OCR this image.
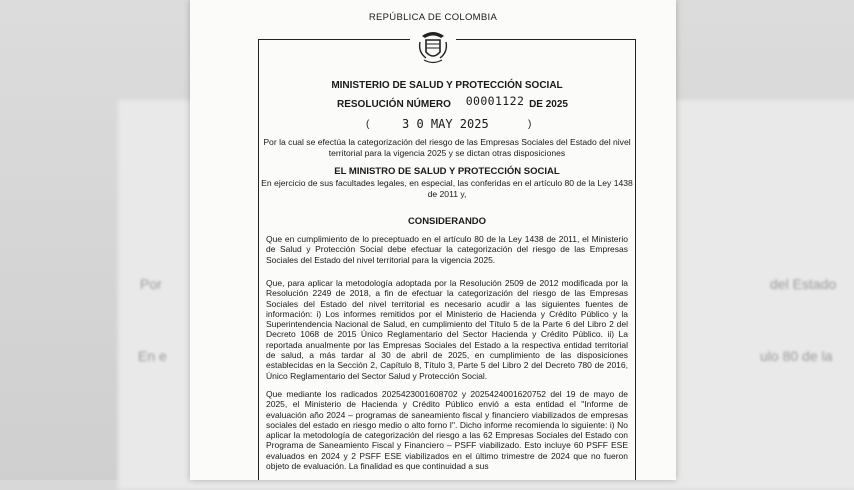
Por
En e
del Estado
ulo 80 de la
REPÚBLICA DE COLOMBIA
MINISTERIO DE SALUD Y PROTECCIÓN SOCIAL
RESOLUCIÓN NÚMERO 00001122 DE 2025
(	3 0 MAY 2025	)
Por la cual se efectúa la categorización del riesgo de las Empresas Sociales del Estado del nivel territorial para la vigencia 2025 y se dictan otras disposiciones
EL MINISTRO DE SALUD Y PROTECCIÓN SOCIAL
En ejercicio de sus facultades legales, en especial, las conferidas en el artículo 80 de la Ley 1438 de 2011 y,
CONSIDERANDO
Que en cumplimiento de lo preceptuado en el artículo 80 de la Ley 1438 de 2011, el Ministerio de Salud y Protección Social debe efectuar la categorización del riesgo de las Empresas Sociales del Estado del nivel territorial para la vigencia 2025.
Que, para aplicar la metodología adoptada por la Resolución 2509 de 2012 modificada por la Resolución 2249 de 2018, a fin de efectuar la categorización del riesgo de las Empresas Sociales del Estado del nivel territorial es necesario acudir a las siguientes fuentes de información: i) Los informes remitidos por el Ministerio de Hacienda y Crédito Público y la Superintendencia Nacional de Salud, en cumplimiento del Título 5 de la Parte 6 del Libro 2 del Decreto 1068 de 2015 Único Reglamentario del Sector Hacienda y Crédito Público. ii) La reportada anualmente por las Empresas Sociales del Estado a la respectiva entidad territorial de salud, a más tardar al 30 de abril de 2025, en cumplimiento de las disposiciones establecidas en la Sección 2, Capítulo 8, Título 3, Parte 5 del Libro 2 del Decreto 780 de 2016, Único Reglamentario del Sector Salud y Protección Social.
Que mediante los radicados 2025423001608702 y 2025424001620752 del 19 de mayo de 2025, el Ministerio de Hacienda y Crédito Público envió a esta entidad el "Informe de evaluación año 2024 – programas de saneamiento fiscal y financiero viabilizados de empresas sociales del estado en riesgo medio o alto forno I". Dicho informe recomienda lo siguiente: i) No aplicar la metodología de categorización del riesgo a las 62 Empresas Sociales del Estado con Programa de Saneamiento Fiscal y Financiero – PSFF viabilizado. Esto incluye 60 PSFF ESE evaluados en 2024 y 2 PSFF ESE viabilizados en el último trimestre de 2024 que no fueron objeto de evaluación. La finalidad es que continuidad a sus
